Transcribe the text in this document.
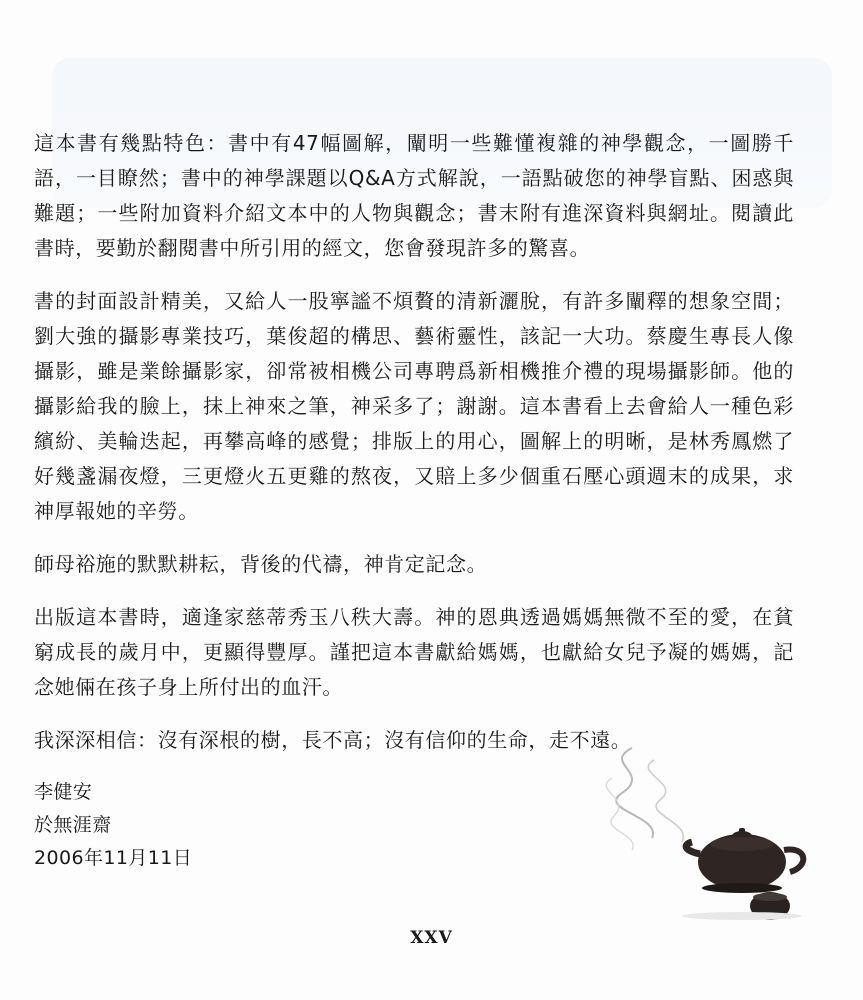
這本書有幾點特色：書中有47幅圖解，闡明一些難懂複雜的神學觀念，一圖勝千語，一目瞭然；書中的神學課題以Q&A方式解說，一語點破您的神學盲點、困惑與難題；一些附加資料介紹文本中的人物與觀念；書末附有進深資料與網址。閱讀此書時，要勤於翻閱書中所引用的經文，您會發現許多的驚喜。

書的封面設計精美，又給人一股寧謐不煩贅的清新灑脫，有許多闡釋的想象空間；劉大強的攝影專業技巧，葉俊超的構思、藝術靈性，該記一大功。蔡慶生專長人像攝影，雖是業餘攝影家，卻常被相機公司專聘爲新相機推介禮的現場攝影師。他的攝影給我的臉上，抹上神來之筆，神采多了；謝謝。這本書看上去會給人一種色彩繽紛、美輪迭起，再攀高峰的感覺；排版上的用心，圖解上的明晰，是林秀鳳燃了好幾盞漏夜燈，三更燈火五更雞的熬夜，又賠上多少個重石壓心頭週末的成果，求神厚報她的辛勞。

師母裕施的默默耕耘，背後的代禱，神肯定記念。

出版這本書時，適逢家慈蒂秀玉八秩大壽。神的恩典透過媽媽無微不至的愛，在貧窮成長的歲月中，更顯得豐厚。謹把這本書獻給媽媽，也獻給女兒予凝的媽媽，記念她倆在孩子身上所付出的血汗。

我深深相信：沒有深根的樹，長不高；沒有信仰的生命，走不遠。

李健安
於無涯齋
2006年11月11日
XXV
